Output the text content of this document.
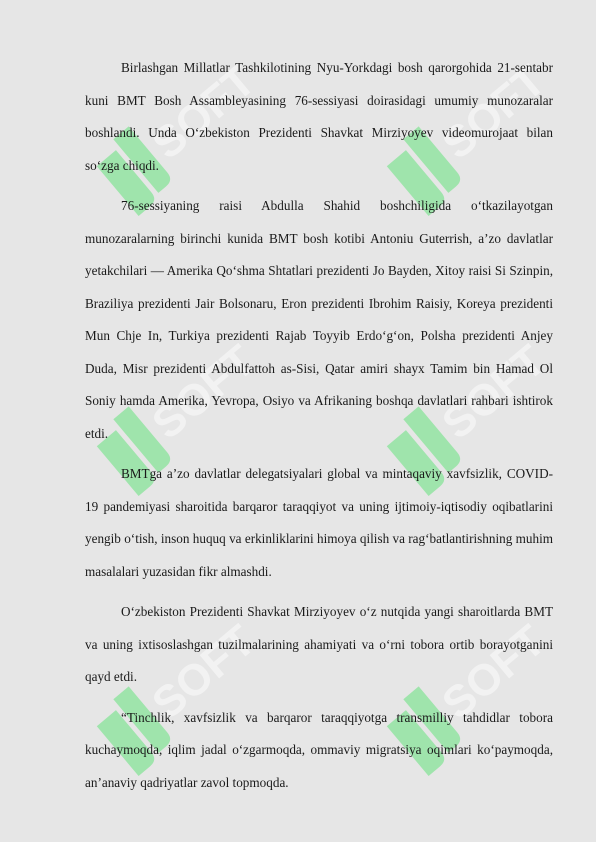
SOFT	SOFT
SOFT	SOFT
SOFT	SOFT

Birlashgan Millatlar Tashkilotining Nyu-Yorkdagi bosh qarorgohida 21-sentabr kuni BMT Bosh Assambleyasining 76-sessiyasi doirasidagi umumiy munozaralar boshlandi. Unda O‘zbekiston Prezidenti Shavkat Mirziyoyev videomurojaat bilan so‘zga chiqdi.

76-sessiyaning raisi Abdulla Shahid boshchiligida o‘tkazilayotgan munozaralarning birinchi kunida BMT bosh kotibi Antoniu Guterrish, a’zo davlatlar yetakchilari — Amerika Qo‘shma Shtatlari prezidenti Jo Bayden, Xitoy raisi Si Szinpin, Braziliya prezidenti Jair Bolsonaru, Eron prezidenti Ibrohim Raisiy, Koreya prezidenti Mun Chje In, Turkiya prezidenti Rajab Toyyib Erdo‘g‘on, Polsha prezidenti Anjey Duda, Misr prezidenti Abdulfattoh as-Sisi, Qatar amiri shayx Tamim bin Hamad Ol Soniy hamda Amerika, Yevropa, Osiyo va Afrikaning boshqa davlatlari rahbari ishtirok etdi.

BMTga a’zo davlatlar delegatsiyalari global va mintaqaviy xavfsizlik, COVID-19 pandemiyasi sharoitida barqaror taraqqiyot va uning ijtimoiy-iqtisodiy oqibatlarini yengib o‘tish, inson huquq va erkinliklarini himoya qilish va rag‘batlantirishning muhim masalalari yuzasidan fikr almashdi.

O‘zbekiston Prezidenti Shavkat Mirziyoyev o‘z nutqida yangi sharoitlarda BMT va uning ixtisoslashgan tuzilmalarining ahamiyati va o‘rni tobora ortib borayotganini qayd etdi.

“Tinchlik, xavfsizlik va barqaror taraqqiyotga transmilliy tahdidlar tobora kuchaymoqda, iqlim jadal o‘zgarmoqda, ommaviy migratsiya oqimlari ko‘paymoqda, an’anaviy qadriyatlar zavol topmoqda.
